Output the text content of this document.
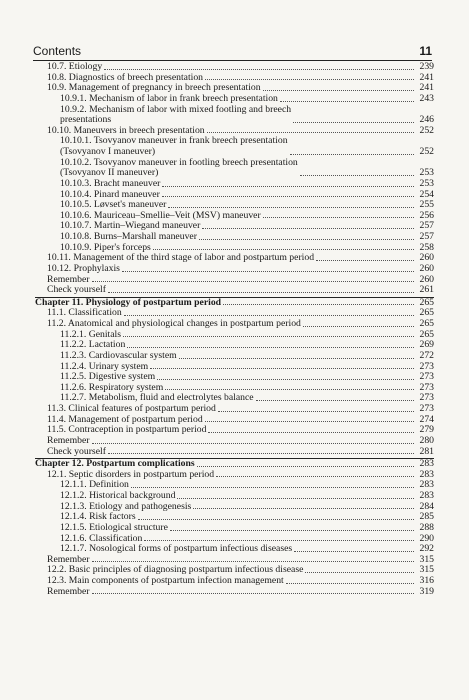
Contents	11
10.7. Etiology	239
10.8. Diagnostics of breech presentation	241
10.9. Management of pregnancy in breech presentation	241
10.9.1. Mechanism of labor in frank breech presentation	243
10.9.2. Mechanism of labor with mixed footling and breech
presentations	246
10.10. Maneuvers in breech presentation	252
10.10.1. Tsovyanov maneuver in frank breech presentation
(Tsovyanov I maneuver)	252
10.10.2. Tsovyanov maneuver in footling breech presentation
(Tsovyanov II maneuver)	253
10.10.3. Bracht maneuver	253
10.10.4. Pinard maneuver	254
10.10.5. Løvset's maneuver	255
10.10.6. Mauriceau–Smellie–Veit (MSV) maneuver	256
10.10.7. Martin–Wiegand maneuver	257
10.10.8. Burns–Marshall maneuver	257
10.10.9. Piper's forceps	258
10.11. Management of the third stage of labor and postpartum period	260
10.12. Prophylaxis	260
Remember	260
Check yourself	261
Chapter 11. Physiology of postpartum period	265
11.1. Classification	265
11.2. Anatomical and physiological changes in postpartum period	265
11.2.1. Genitals	265
11.2.2. Lactation	269
11.2.3. Cardiovascular system	272
11.2.4. Urinary system	273
11.2.5. Digestive system	273
11.2.6. Respiratory system	273
11.2.7. Metabolism, fluid and electrolytes balance	273
11.3. Clinical features of postpartum period	273
11.4. Management of postpartum period	274
11.5. Contraception in postpartum period	279
Remember	280
Check yourself	281
Chapter 12. Postpartum complications	283
12.1. Septic disorders in postpartum period	283
12.1.1. Definition	283
12.1.2. Historical background	283
12.1.3. Etiology and pathogenesis	284
12.1.4. Risk factors	285
12.1.5. Etiological structure	288
12.1.6. Classification	290
12.1.7. Nosological forms of postpartum infectious diseases	292
Remember	315
12.2. Basic principles of diagnosing postpartum infectious disease	315
12.3. Main components of postpartum infection management	316
Remember	319
